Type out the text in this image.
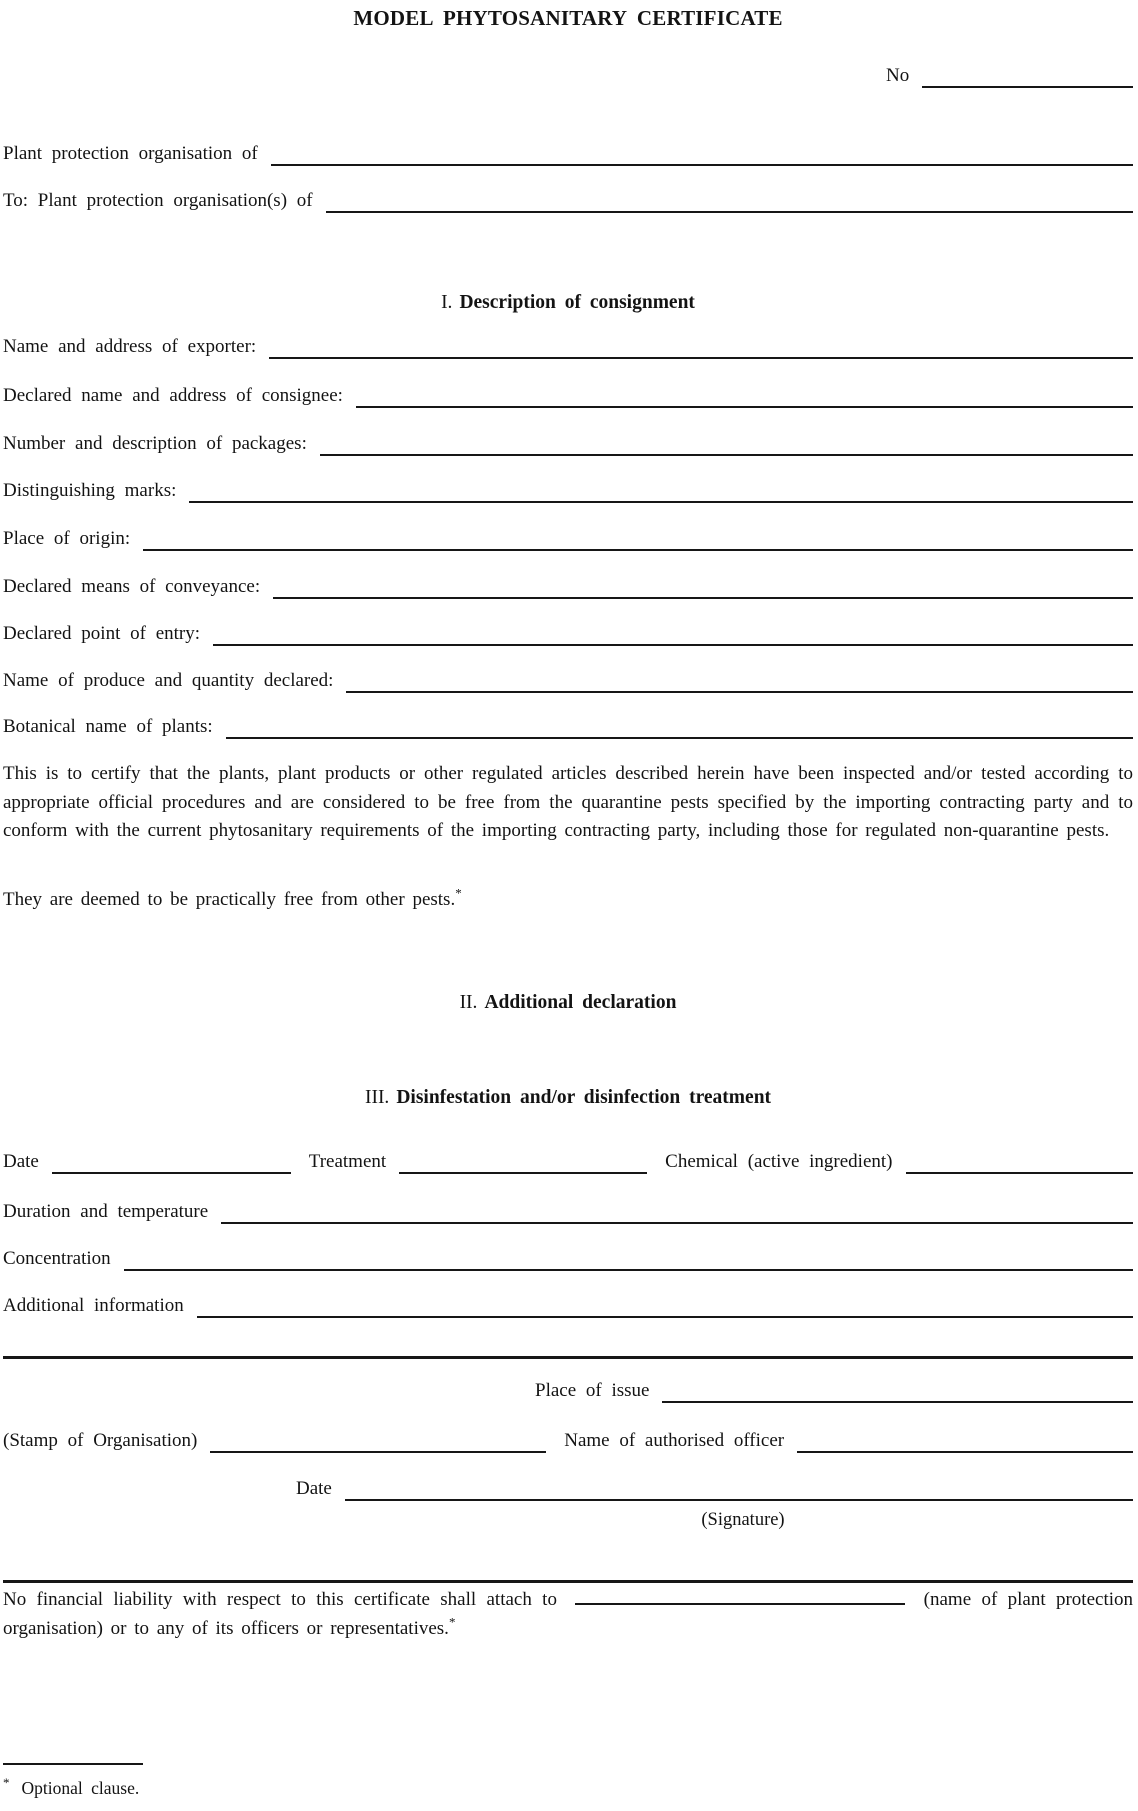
MODEL PHYTOSANITARY CERTIFICATE
No
Plant protection organisation of
To: Plant protection organisation(s) of
I. Description of consignment
Name and address of exporter:
Declared name and address of consignee:
Number and description of packages:
Distinguishing marks:
Place of origin:
Declared means of conveyance:
Declared point of entry:
Name of produce and quantity declared:
Botanical name of plants:
This is to certify that the plants, plant products or other regulated articles described herein have been inspected and/or tested according to appropriate official procedures and are considered to be free from the quarantine pests specified by the importing contracting party and to conform with the current phytosanitary requirements of the importing contracting party, including those for regulated non-quarantine pests.
They are deemed to be practically free from other pests.*
II. Additional declaration
III. Disinfestation and/or disinfection treatment
Date	Treatment	Chemical (active ingredient)
Duration and temperature
Concentration
Additional information
Place of issue
(Stamp of Organisation)	Name of authorised officer
Date
(Signature)
No financial liability with respect to this certificate shall attach to	(name of plant protection organisation) or to any of its officers or representatives.*
* Optional clause.
